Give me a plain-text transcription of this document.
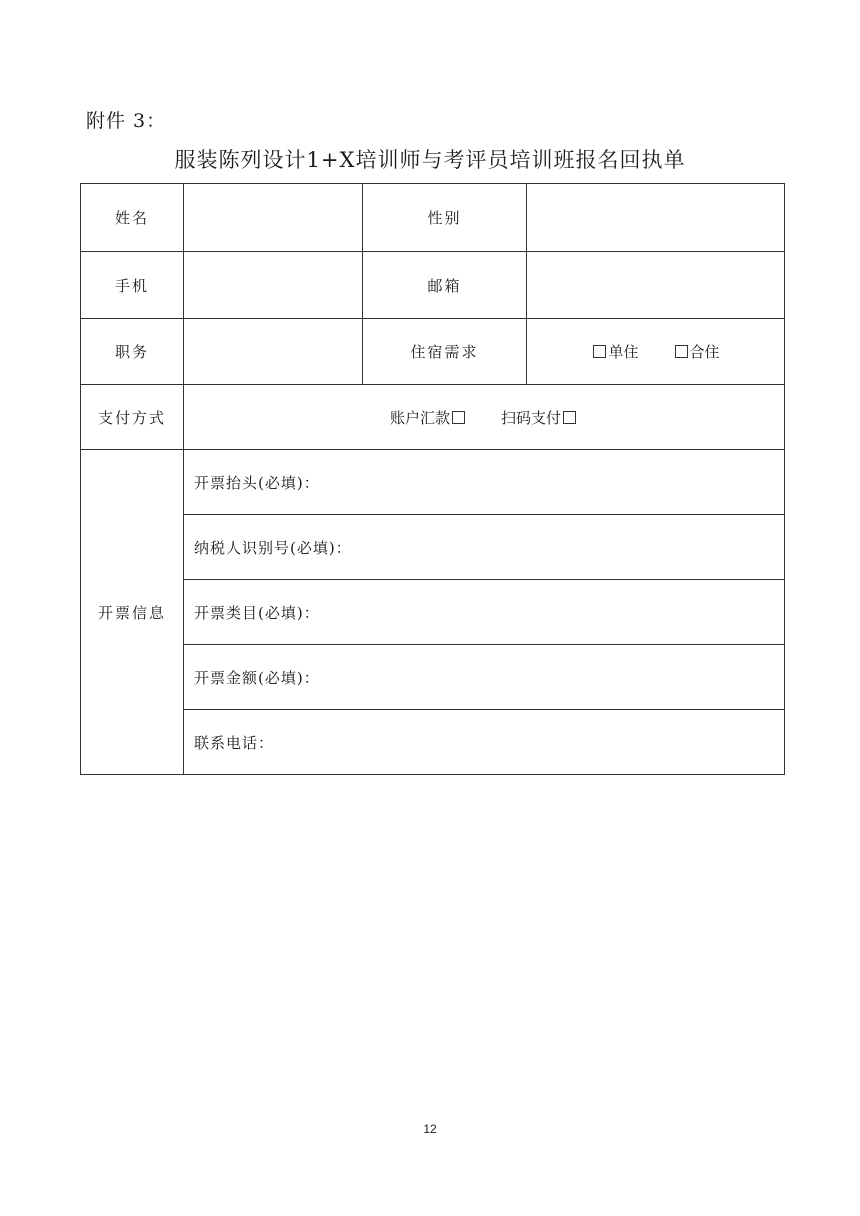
附件 3：
服装陈列设计1+X培训师与考评员培训班报名回执单
姓名		性别	
手机		邮箱	
职务		住宿需求	单住 合住

支付方式	账户汇款 扫码支付		

开票信息	开票抬头(必填)：		
	纳税人识别号(必填)：		
	开票类目(必填)：		
	开票金额(必填)：		
	联系电话：		
12
